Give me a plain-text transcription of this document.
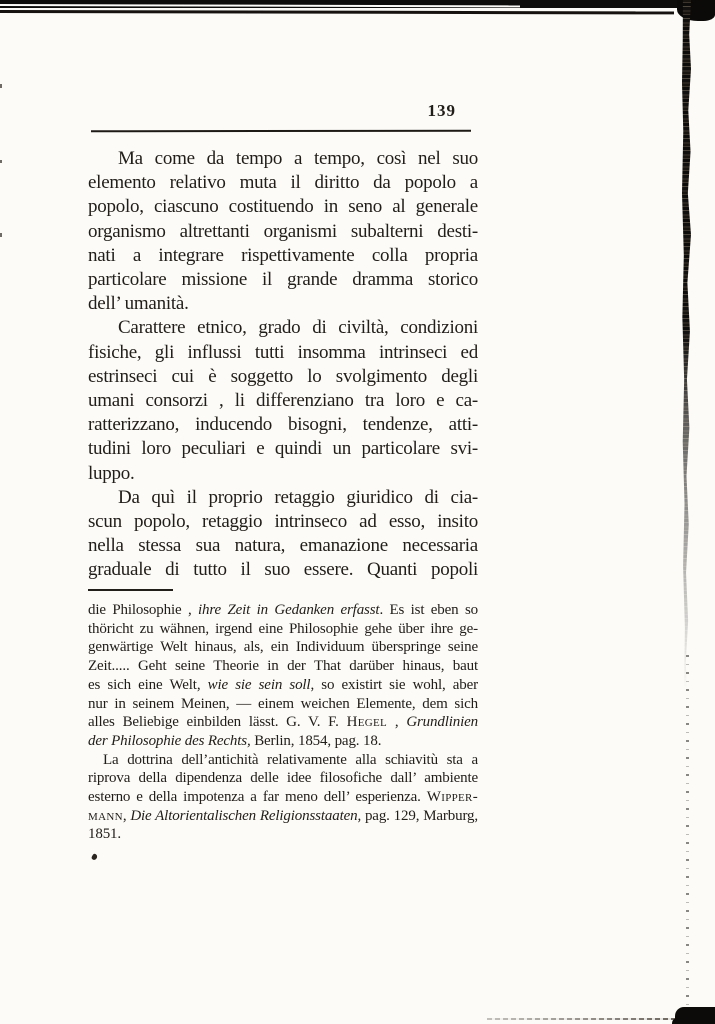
139
Ma come da tempo a tempo, così nel suo
elemento relativo muta il diritto da popolo a
popolo, ciascuno costituendo in seno al generale
organismo altrettanti organismi subalterni desti-
nati a integrare rispettivamente colla propria
particolare missione il grande dramma storico
dell’ umanità.
Carattere etnico, grado di civiltà, condizioni
fisiche, gli influssi tutti insomma intrinseci ed
estrinseci cui è soggetto lo svolgimento degli
umani consorzi , li differenziano tra loro e ca-
ratterizzano, inducendo bisogni, tendenze, atti-
tudini loro peculiari e quindi un particolare svi-
luppo.
Da quì il proprio retaggio giuridico di cia-
scun popolo, retaggio intrinseco ad esso, insito
nella stessa sua natura, emanazione necessaria
graduale di tutto il suo essere. Quanti popoli
die Philosophie , ihre Zeit in Gedanken erfasst. Es ist eben so
thöricht zu wähnen, irgend eine Philosophie gehe über ihre ge-
genwärtige Welt hinaus, als, ein Individuum überspringe seine
Zeit..... Geht seine Theorie in der That darüber hinaus, baut
es sich eine Welt, wie sie sein soll, so existirt sie wohl, aber
nur in seinem Meinen, — einem weichen Elemente, dem sich
alles Beliebige einbilden lässt. G. V. F. Hegel , Grundlinien
der Philosophie des Rechts, Berlin, 1854, pag. 18.
La dottrina dell’antichità relativamente alla schiavitù sta a
riprova della dipendenza delle idee filosofiche dall’ ambiente
esterno e della impotenza a far meno dell’ esperienza. Wipper-
mann, Die Altorientalischen Religionsstaaten, pag. 129, Marburg,
1851.
